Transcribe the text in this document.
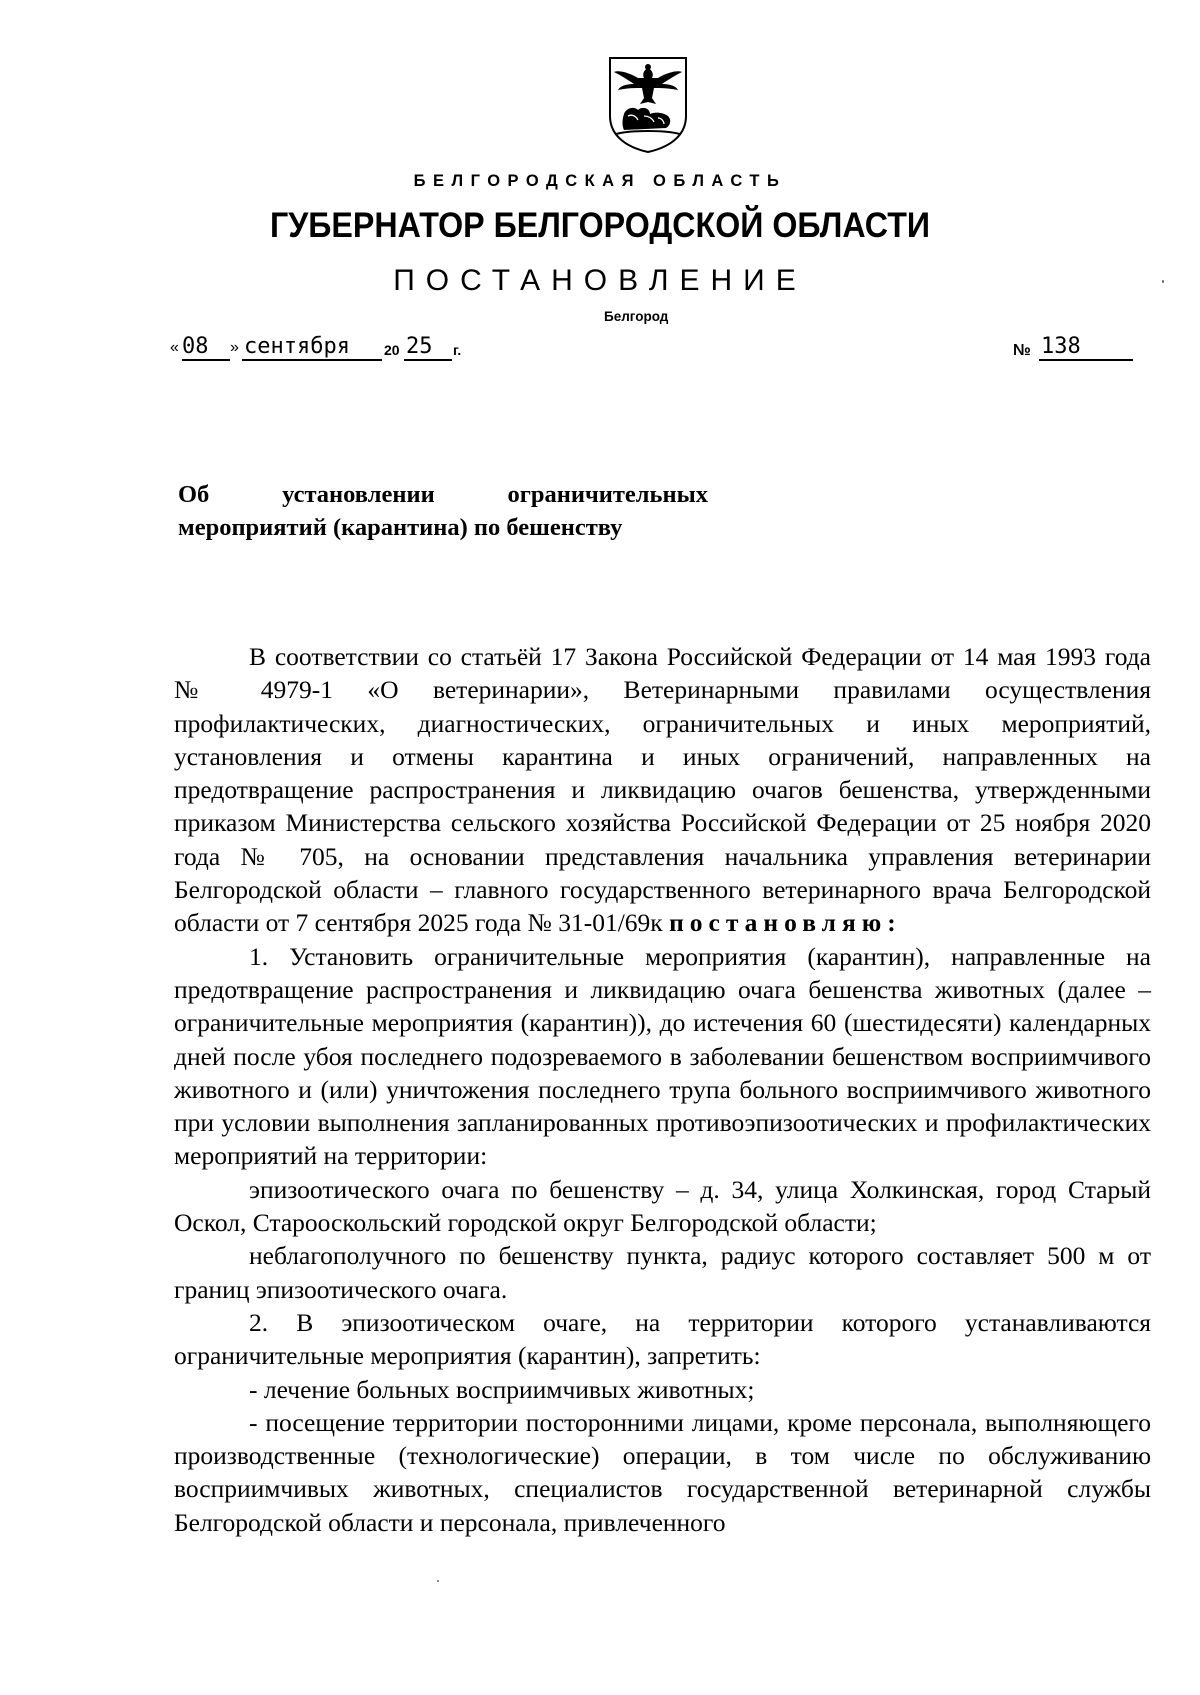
БЕЛГОРОДСКАЯ ОБЛАСТЬ
ГУБЕРНАТОР БЕЛГОРОДСКОЙ ОБЛАСТИ
ПОСТАНОВЛЕНИЕ
Белгород
« 08 » сентября 20 25 г.	№ 138
Об	установлении	ограничительных
мероприятий (карантина) по бешенству

В соответствии со статьёй 17 Закона Российской Федерации от 14 мая 1993 года № 4979-1 «О ветеринарии», Ветеринарными правилами осуществления профилактических, диагностических, ограничительных и иных мероприятий, установления и отмены карантина и иных ограничений, направленных на предотвращение распространения и ликвидацию очагов бешенства, утвержденными приказом Министерства сельского хозяйства Российской Федерации от 25 ноября 2020 года № 705, на основании представления начальника управления ветеринарии Белгородской области – главного государственного ветеринарного врача Белгородской области от 7 сентября 2025 года № 31-01/69к постановляю:

1. Установить ограничительные мероприятия (карантин), направленные на предотвращение распространения и ликвидацию очага бешенства животных (далее – ограничительные мероприятия (карантин)), до истечения 60 (шестидесяти) календарных дней после убоя последнего подозреваемого в заболевании бешенством восприимчивого животного и (или) уничтожения последнего трупа больного восприимчивого животного при условии выполнения запланированных противоэпизоотических и профилактических мероприятий на территории:

эпизоотического очага по бешенству – д. 34, улица Холкинская, город Старый Оскол, Старооскольский городской округ Белгородской области;

неблагополучного по бешенству пункта, радиус которого составляет 500 м от границ эпизоотического очага.

2. В эпизоотическом очаге, на территории которого устанавливаются ограничительные мероприятия (карантин), запретить:

- лечение больных восприимчивых животных;

- посещение территории посторонними лицами, кроме персонала, выполняющего производственные (технологические) операции, в том числе по обслуживанию восприимчивых животных, специалистов государственной ветеринарной службы Белгородской области и персонала, привлеченного
